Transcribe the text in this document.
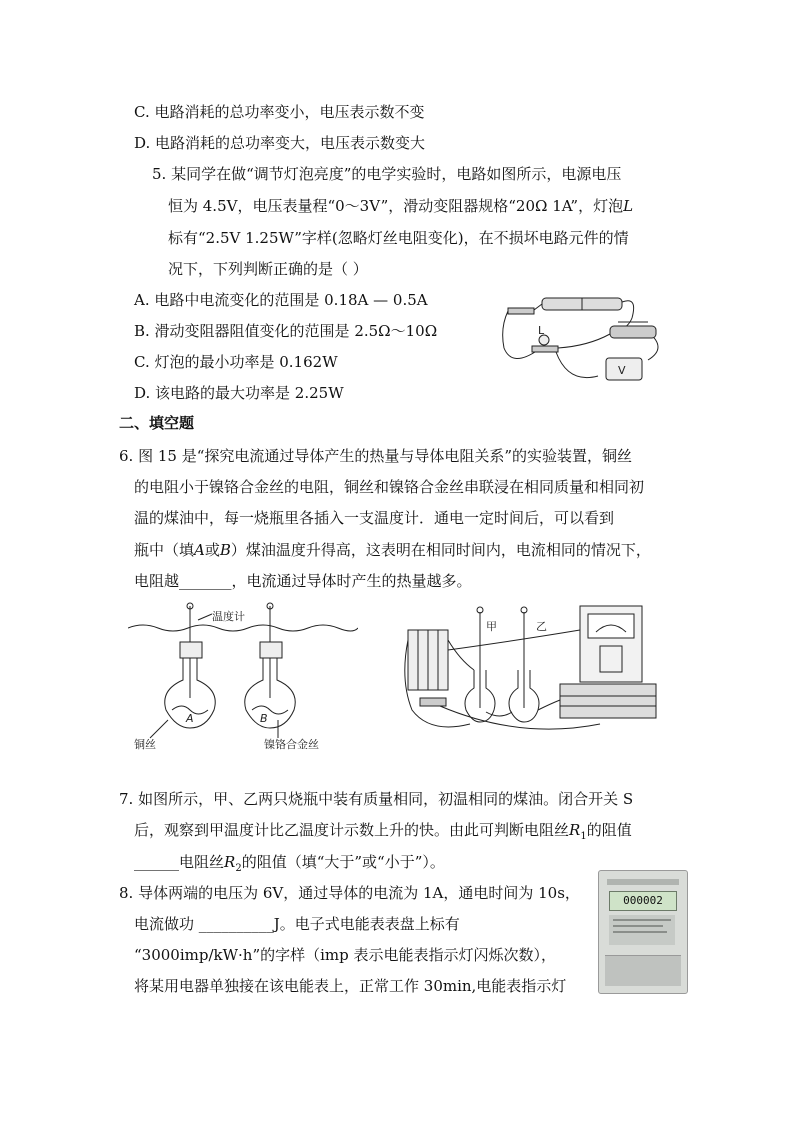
C. 电路消耗的总功率变小，电压表示数不变
D. 电路消耗的总功率变大，电压表示数变大
5. 某同学在做“调节灯泡亮度”的电学实验时，电路如图所示，电源电压
恒为 4.5V，电压表量程“0～3V”，滑动变阻器规格“20Ω 1A”，灯泡L
标有“2.5V 1.25W”字样(忽略灯丝电阻变化)，在不损坏电路元件的情
况下，下列判断正确的是（ ）
A. 电路中电流变化的范围是 0.18A — 0.5A
B. 滑动变阻器阻值变化的范围是 2.5Ω～10Ω
C. 灯泡的最小功率是 0.162W
D. 该电路的最大功率是 2.25W
L
V
二、填空题
6. 图 15 是“探究电流通过导体产生的热量与导体电阻关系”的实验装置，铜丝
的电阻小于镍铬合金丝的电阻，铜丝和镍铬合金丝串联浸在相同质量和相同初
温的煤油中，每一烧瓶里各插入一支温度计．通电一定时间后，可以看到
瓶中（填A或B）煤油温度升得高，这表明在相同时间内，电流相同的情况下，
电阻越_______，电流通过导体时产生的热量越多。
温度计
A	B
铜丝	镍铬合金丝
甲	乙
7. 如图所示，甲、乙两只烧瓶中装有质量相同，初温相同的煤油。闭合开关 S
后，观察到甲温度计比乙温度计示数上升的快。由此可判断电阻丝$R_1$的阻值
______电阻丝$R_2$的阻值（填“大于”或“小于”）。
8. 导体两端的电压为 6V，通过导体的电流为 1A，通电时间为 10s，
电流做功 __________J。电子式电能表表盘上标有
“3000imp/kW·h”的字样（imp 表示电能表指示灯闪烁次数），
将某用电器单独接在该电能表上，正常工作 30min,电能表指示灯
000002
